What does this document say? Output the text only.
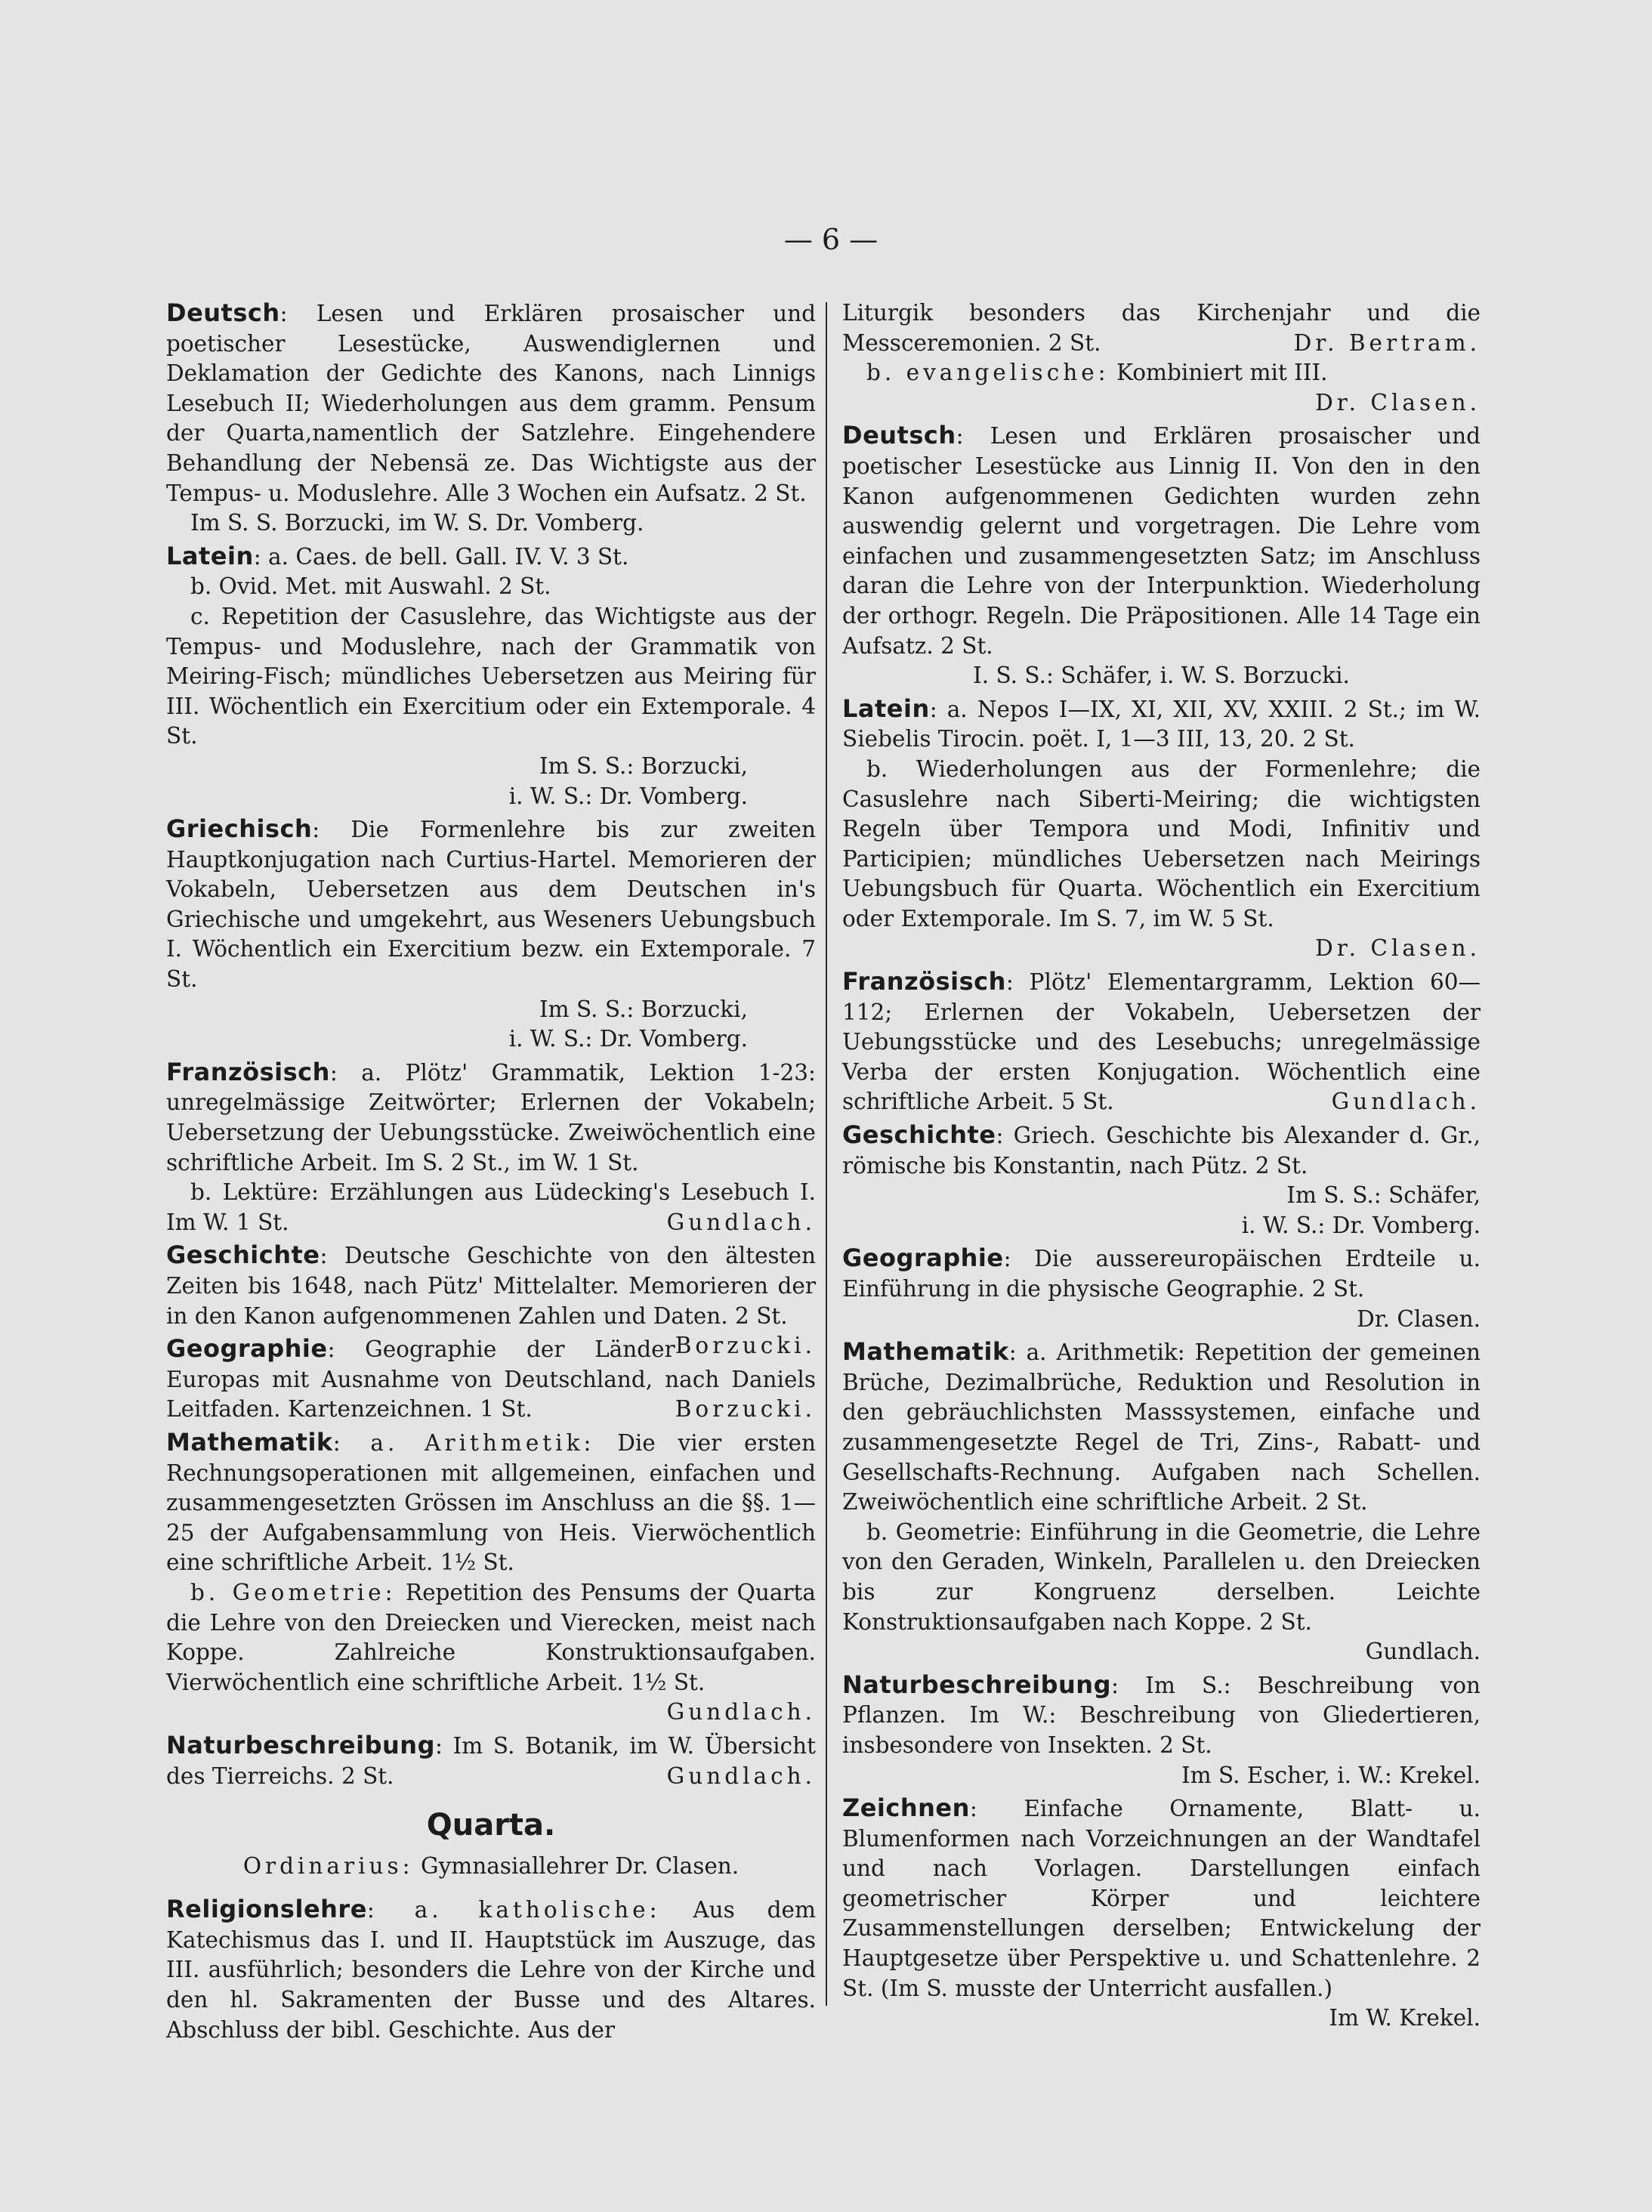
— 6 —

Deutsch: Lesen und Erklären prosaischer und poetischer Lesestücke, Auswendiglernen und Deklamation der Gedichte des Kanons, nach Linnigs Lesebuch II; Wiederholungen aus dem gramm. Pensum der Quarta,namentlich der Satzlehre. Eingehendere Behandlung der Nebensä ze. Das Wichtigste aus der Tempus- u. Moduslehre. Alle 3 Wochen ein Aufsatz. 2 St.

Im S. S. Borzucki, im W. S. Dr. Vomberg.

Latein: a. Caes. de bell. Gall. IV. V. 3 St.

b. Ovid. Met. mit Auswahl. 2 St.

c. Repetition der Casuslehre, das Wichtigste aus der Tempus- und Moduslehre, nach der Grammatik von Meiring-Fisch; mündliches Uebersetzen aus Meiring für III. Wöchentlich ein Exercitium oder ein Extemporale. 4 St.

Im S. S.: Borzucki,

i. W. S.: Dr. Vomberg.

Griechisch: Die Formenlehre bis zur zweiten Hauptkonjugation nach Curtius-Hartel. Memorieren der Vokabeln, Uebersetzen aus dem Deutschen in's Griechische und umgekehrt, aus Weseners Uebungsbuch I. Wöchentlich ein Exercitium bezw. ein Extemporale. 7 St.

Im S. S.: Borzucki,

i. W. S.: Dr. Vomberg.

Französisch: a. Plötz' Grammatik, Lektion 1-23: unregelmässige Zeitwörter; Erlernen der Vokabeln; Uebersetzung der Uebungsstücke. Zweiwöchentlich eine schriftliche Arbeit. Im S. 2 St., im W. 1 St.

b. Lektüre: Erzählungen aus Lüdecking's Lesebuch I. Im W. 1 St.	Gundlach.

Geschichte: Deutsche Geschichte von den ältesten Zeiten bis 1648, nach Pütz' Mittelalter. Memorieren der in den Kanon aufgenommenen Zahlen und Daten. 2 St.
Borzucki.

Geographie: Geographie der Länder Europas mit Ausnahme von Deutschland, nach Daniels Leitfaden. Kartenzeichnen. 1 St.	Borzucki.

Mathematik: a. Arithmetik: Die vier ersten Rechnungsoperationen mit allgemeinen, einfachen und zusammengesetzten Grössen im Anschluss an die §§. 1—25 der Aufgabensammlung von Heis. Vierwöchentlich eine schriftliche Arbeit. 1½ St.

b. Geometrie: Repetition des Pensums der Quarta die Lehre von den Dreiecken und Vierecken, meist nach Koppe. Zahlreiche Konstruktionsaufgaben. Vierwöchentlich eine schriftliche Arbeit. 1½ St.

Gundlach.

Naturbeschreibung: Im S. Botanik, im W. Übersicht des Tierreichs. 2 St.	Gundlach.

Quarta.

Ordinarius: Gymnasiallehrer Dr. Clasen.

Religionslehre: a. katholische: Aus dem Katechismus das I. und II. Hauptstück im Auszuge, das III. ausführlich; besonders die Lehre von der Kirche und den hl. Sakramenten der Busse und des Altares. Abschluss der bibl. Geschichte. Aus der

Liturgik besonders das Kirchenjahr und die Messceremonien. 2 St.	Dr. Bertram.

b. evangelische: Kombiniert mit III.

Dr. Clasen.

Deutsch: Lesen und Erklären prosaischer und poetischer Lesestücke aus Linnig II. Von den in den Kanon aufgenommenen Gedichten wurden zehn auswendig gelernt und vorgetragen. Die Lehre vom einfachen und zusammengesetzten Satz; im Anschluss daran die Lehre von der Interpunktion. Wiederholung der orthogr. Regeln. Die Präpositionen. Alle 14 Tage ein Aufsatz. 2 St.

I. S. S.: Schäfer, i. W. S. Borzucki.

Latein: a. Nepos I—IX, XI, XII, XV, XXIII. 2 St.; im W. Siebelis Tirocin. poët. I, 1—3 III, 13, 20. 2 St.

b. Wiederholungen aus der Formenlehre; die Casuslehre nach Siberti-Meiring; die wichtigsten Regeln über Tempora und Modi, Infinitiv und Participien; mündliches Uebersetzen nach Meirings Uebungsbuch für Quarta. Wöchentlich ein Exercitium oder Extemporale. Im S. 7, im W. 5 St.

Dr. Clasen.

Französisch: Plötz' Elementargramm, Lektion 60—112; Erlernen der Vokabeln, Uebersetzen der Uebungsstücke und des Lesebuchs; unregelmässige Verba der ersten Konjugation. Wöchentlich eine schriftliche Arbeit. 5 St.	Gundlach.

Geschichte: Griech. Geschichte bis Alexander d. Gr., römische bis Konstantin, nach Pütz. 2 St.

Im S. S.: Schäfer,

i. W. S.: Dr. Vomberg.

Geographie: Die aussereuropäischen Erdteile u. Einführung in die physische Geographie. 2 St.

Dr. Clasen.

Mathematik: a. Arithmetik: Repetition der gemeinen Brüche, Dezimalbrüche, Reduktion und Resolution in den gebräuchlichsten Masssystemen, einfache und zusammengesetzte Regel de Tri, Zins-, Rabatt- und Gesellschafts-Rechnung. Aufgaben nach Schellen. Zweiwöchentlich eine schriftliche Arbeit. 2 St.

b. Geometrie: Einführung in die Geometrie, die Lehre von den Geraden, Winkeln, Parallelen u. den Dreiecken bis zur Kongruenz derselben. Leichte Konstruktionsaufgaben nach Koppe. 2 St.

Gundlach.

Naturbeschreibung: Im S.: Beschreibung von Pflanzen. Im W.: Beschreibung von Gliedertieren, insbesondere von Insekten. 2 St.

Im S. Escher, i. W.: Krekel.

Zeichnen: Einfache Ornamente, Blatt- u. Blumenformen nach Vorzeichnungen an der Wandtafel und nach Vorlagen. Darstellungen einfach geometrischer Körper und leichtere Zusammenstellungen derselben; Entwickelung der Hauptgesetze über Perspektive u. und Schattenlehre. 2 St. (Im S. musste der Unterricht ausfallen.)

Im W. Krekel.
